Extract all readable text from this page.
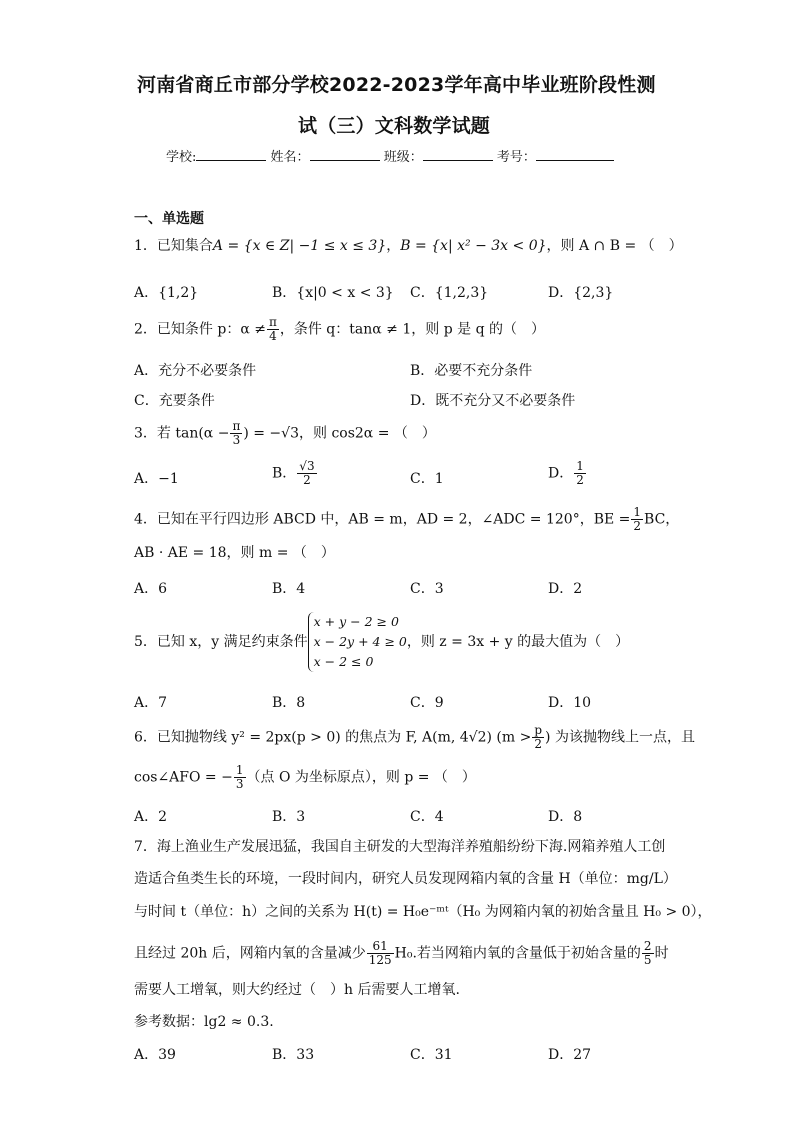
河南省商丘市部分学校2022-2023学年高中毕业班阶段性测
试（三）文科数学试题
学校:	姓名：	班级：	考号：
一、单选题
1．已知集合A = {x ∈ Z| −1 ≤ x ≤ 3}，B = {x| x² − 3x < 0}，则 A ∩ B = （　）
A．{1,2}	B．{x|0 < x < 3} C．{1,2,3}	D．{2,3}
2．已知条件 p：$\alpha \ne \frac{\pi}{4}$ ，条件 q：tanα ≠ 1，则 p 是 q 的（　）
A．充分不必要条件	B．必要不充分条件
C．充要条件	D．既不充分又不必要条件
3．若 $\tan(\alpha - \frac{\pi}{3}$ ) = −√3，则 cos2α = （　）
A．−1	B． $\frac{√3}{2}$	C．1	D． $\frac{1}{2}$
4．已知在平行四边形 ABCD 中，AB = m，AD = 2，∠ADC = 120°，BE = $\frac{1}{2}$ BC，
AB · AE = 18，则 m = （　）
A．6	B．4	C．3	D．2
5．已知 x，y 满足约束条件
x + y − 2 ≥ 0
x − 2y + 4 ≥ 0
x − 2 ≤ 0
，则 z = 3x + y 的最大值为（　）
A．7	B．8	C．9	D．10
6．已知抛物线 y² = 2px(p > 0) 的焦点为 F, A(m, 4√2) ($m > \frac{p}{2}$ ) 为该抛物线上一点，且
cos∠AFO = − $\frac{1}{3}$ （点 O 为坐标原点），则 p = （　）
A．2	B．3	C．4	D．8
7．海上渔业生产发展迅猛，我国自主研发的大型海洋养殖船纷纷下海.网箱养殖人工创
造适合鱼类生长的环境，一段时间内，研究人员发现网箱内氧的含量 H（单位：mg/L）
与时间 t（单位：h）之间的关系为 H(t) = H₀e⁻ᵐᵗ（H₀ 为网箱内氧的初始含量且 H₀ > 0），
且经过 20h 后，网箱内氧的含量减少 $\frac{61}{125} H_0$.若当网箱内氧的含量低于初始含量的 $\frac{2}{5}$ 时
需要人工增氧，则大约经过（　）h 后需要人工增氧.
参考数据：lg2 ≈ 0.3.
A．39	B．33	C．31	D．27
